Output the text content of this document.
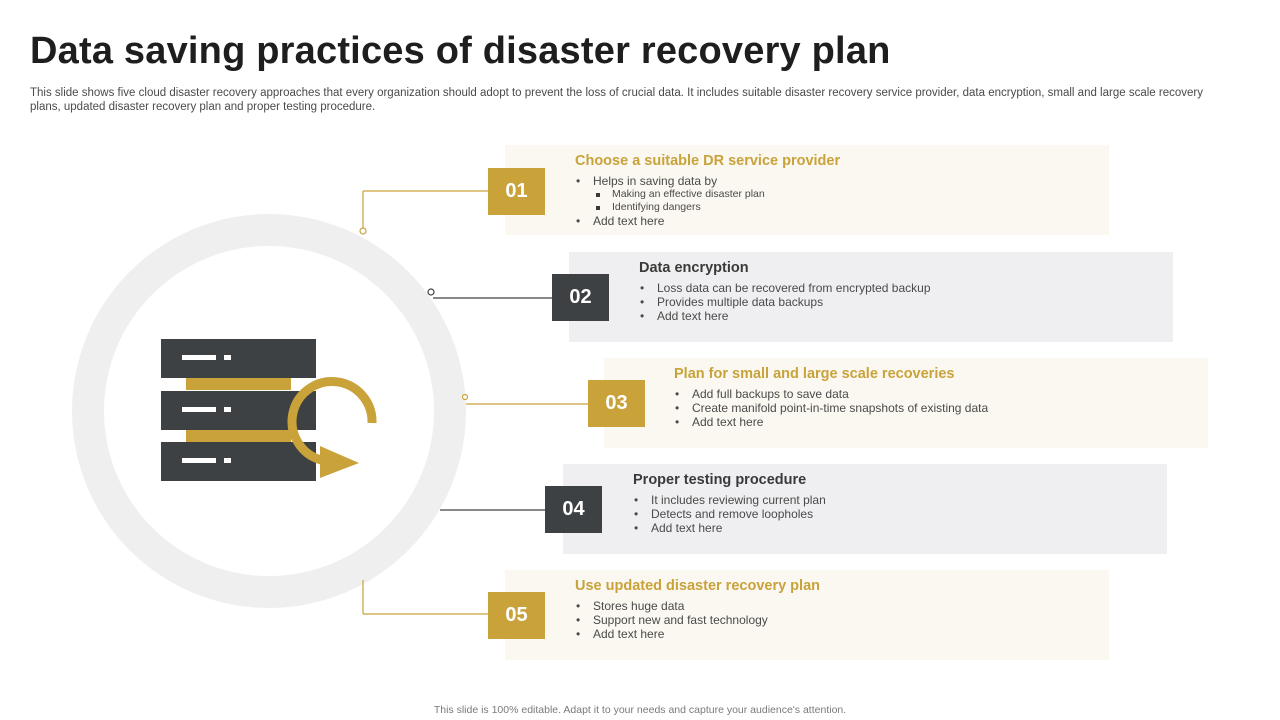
Data saving practices of disaster recovery plan

This slide shows five cloud disaster recovery approaches that every organization should adopt to prevent the loss of crucial data. It includes suitable disaster recovery service provider, data encryption, small and large scale recovery plans, updated disaster recovery plan and proper testing procedure.

Choose a suitable DR service provider
• Helps in saving data by
Making an effective disaster plan
Identifying dangers
• Add text here
01
Data encryption
• Loss data can be recovered from encrypted backup
• Provides multiple data backups
• Add text here
02
Plan for small and large scale recoveries
• Add full backups to save data
• Create manifold point-in-time snapshots of existing data
• Add text here
03
Proper testing procedure
• It includes reviewing current plan
• Detects and remove loopholes
• Add text here
04
Use updated disaster recovery plan
• Stores huge data
• Support new and fast technology
• Add text here
05
This slide is 100% editable. Adapt it to your needs and capture your audience's attention.
